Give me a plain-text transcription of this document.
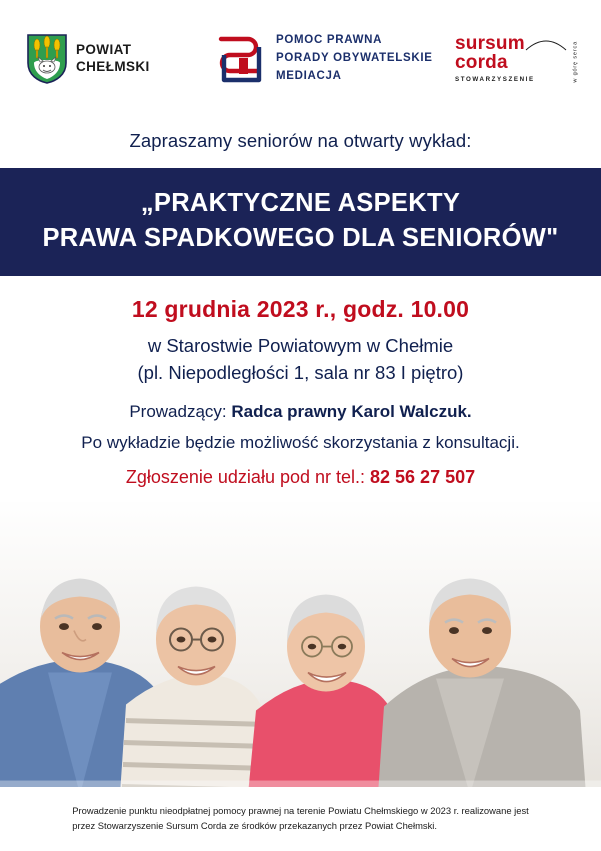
POWIAT
CHEŁMSKI
POMOC PRAWNA
PORADY OBYWATELSKIE
MEDIACJA
sursum
corda
STOWARZYSZENIE	w górę serca
Zapraszamy seniorów na otwarty wykład:
„PRAKTYCZNE ASPEKTY
PRAWA SPADKOWEGO DLA SENIORÓW"
12 grudnia 2023 r., godz. 10.00
w Starostwie Powiatowym w Chełmie
(pl. Niepodległości 1, sala nr 83 I piętro)
Prowadzący: Radca prawny Karol Walczuk.
Po wykładzie będzie możliwość skorzystania z konsultacji.
Zgłoszenie udziału pod nr tel.: 82 56 27 507

Prowadzenie punktu nieodpłatnej pomocy prawnej na terenie Powiatu Chełmskiego w 2023 r. realizowane jest
przez Stowarzyszenie Sursum Corda ze środków przekazanych przez Powiat Chełmski.
